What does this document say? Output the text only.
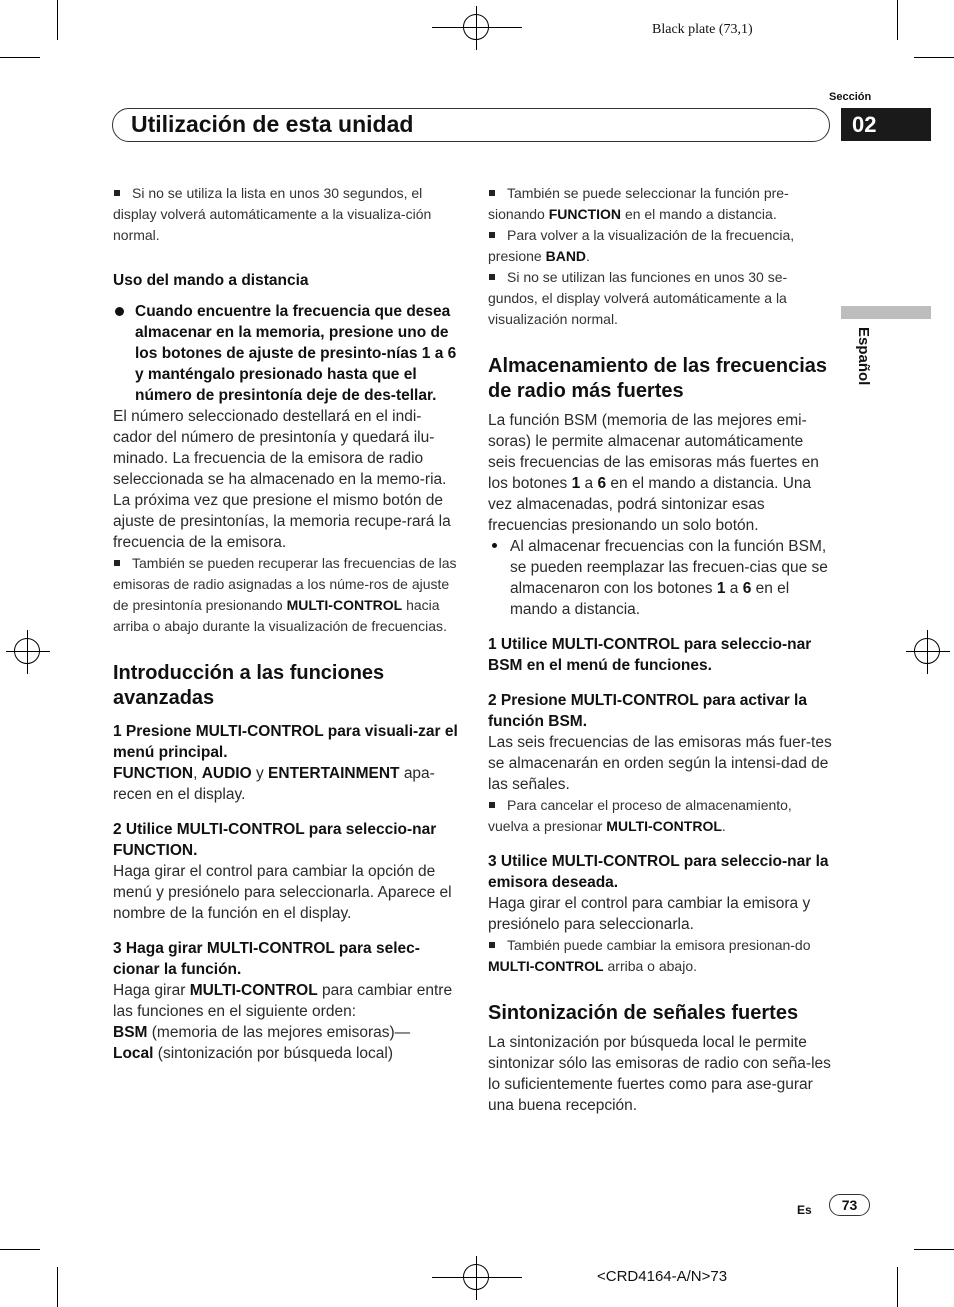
Black plate (73,1)
Sección
Utilización de esta unidad	02
Español

Si no se utiliza la lista en unos 30 segundos, el display volverá automáticamente a la visualiza-ción normal.

Uso del mando a distancia

Cuando encuentre la frecuencia que desea almacenar en la memoria, presione uno de los botones de ajuste de presinto-nías 1 a 6 y manténgalo presionado hasta que el número de presintonía deje de des-tellar.

El número seleccionado destellará en el indi-cador del número de presintonía y quedará ilu-minado. La frecuencia de la emisora de radio seleccionada se ha almacenado en la memo-ria.

La próxima vez que presione el mismo botón de ajuste de presintonías, la memoria recupe-rará la frecuencia de la emisora.

También se pueden recuperar las frecuencias de las emisoras de radio asignadas a los núme-ros de ajuste de presintonía presionando MULTI-CONTROL hacia arriba o abajo durante la visualización de frecuencias.

Introducción a las funciones avanzadas

1 Presione MULTI-CONTROL para visuali-zar el menú principal.

FUNCTION, AUDIO y ENTERTAINMENT apa-recen en el display.

2 Utilice MULTI-CONTROL para seleccio-nar FUNCTION.

Haga girar el control para cambiar la opción de menú y presiónelo para seleccionarla. Aparece el nombre de la función en el display.

3 Haga girar MULTI-CONTROL para selec-cionar la función.

Haga girar MULTI-CONTROL para cambiar entre las funciones en el siguiente orden:
BSM (memoria de las mejores emisoras)—
Local (sintonización por búsqueda local)

También se puede seleccionar la función pre-sionando FUNCTION en el mando a distancia.

Para volver a la visualización de la frecuencia, presione BAND.

Si no se utilizan las funciones en unos 30 se-gundos, el display volverá automáticamente a la visualización normal.

Almacenamiento de las frecuencias de radio más fuertes

La función BSM (memoria de las mejores emi-soras) le permite almacenar automáticamente seis frecuencias de las emisoras más fuertes en los botones 1 a 6 en el mando a distancia. Una vez almacenadas, podrá sintonizar esas frecuencias presionando un solo botón.

Al almacenar frecuencias con la función BSM, se pueden reemplazar las frecuen-cias que se almacenaron con los botones 1 a 6 en el mando a distancia.

1 Utilice MULTI-CONTROL para seleccio-nar BSM en el menú de funciones.

2 Presione MULTI-CONTROL para activar la función BSM.

Las seis frecuencias de las emisoras más fuer-tes se almacenarán en orden según la intensi-dad de las señales.

Para cancelar el proceso de almacenamiento, vuelva a presionar MULTI-CONTROL.

3 Utilice MULTI-CONTROL para seleccio-nar la emisora deseada.

Haga girar el control para cambiar la emisora y presiónelo para seleccionarla.

También puede cambiar la emisora presionan-do MULTI-CONTROL arriba o abajo.

Sintonización de señales fuertes

La sintonización por búsqueda local le permite sintonizar sólo las emisoras de radio con seña-les lo suficientemente fuertes como para ase-gurar una buena recepción.

Es	73
<CRD4164-A/N>73
